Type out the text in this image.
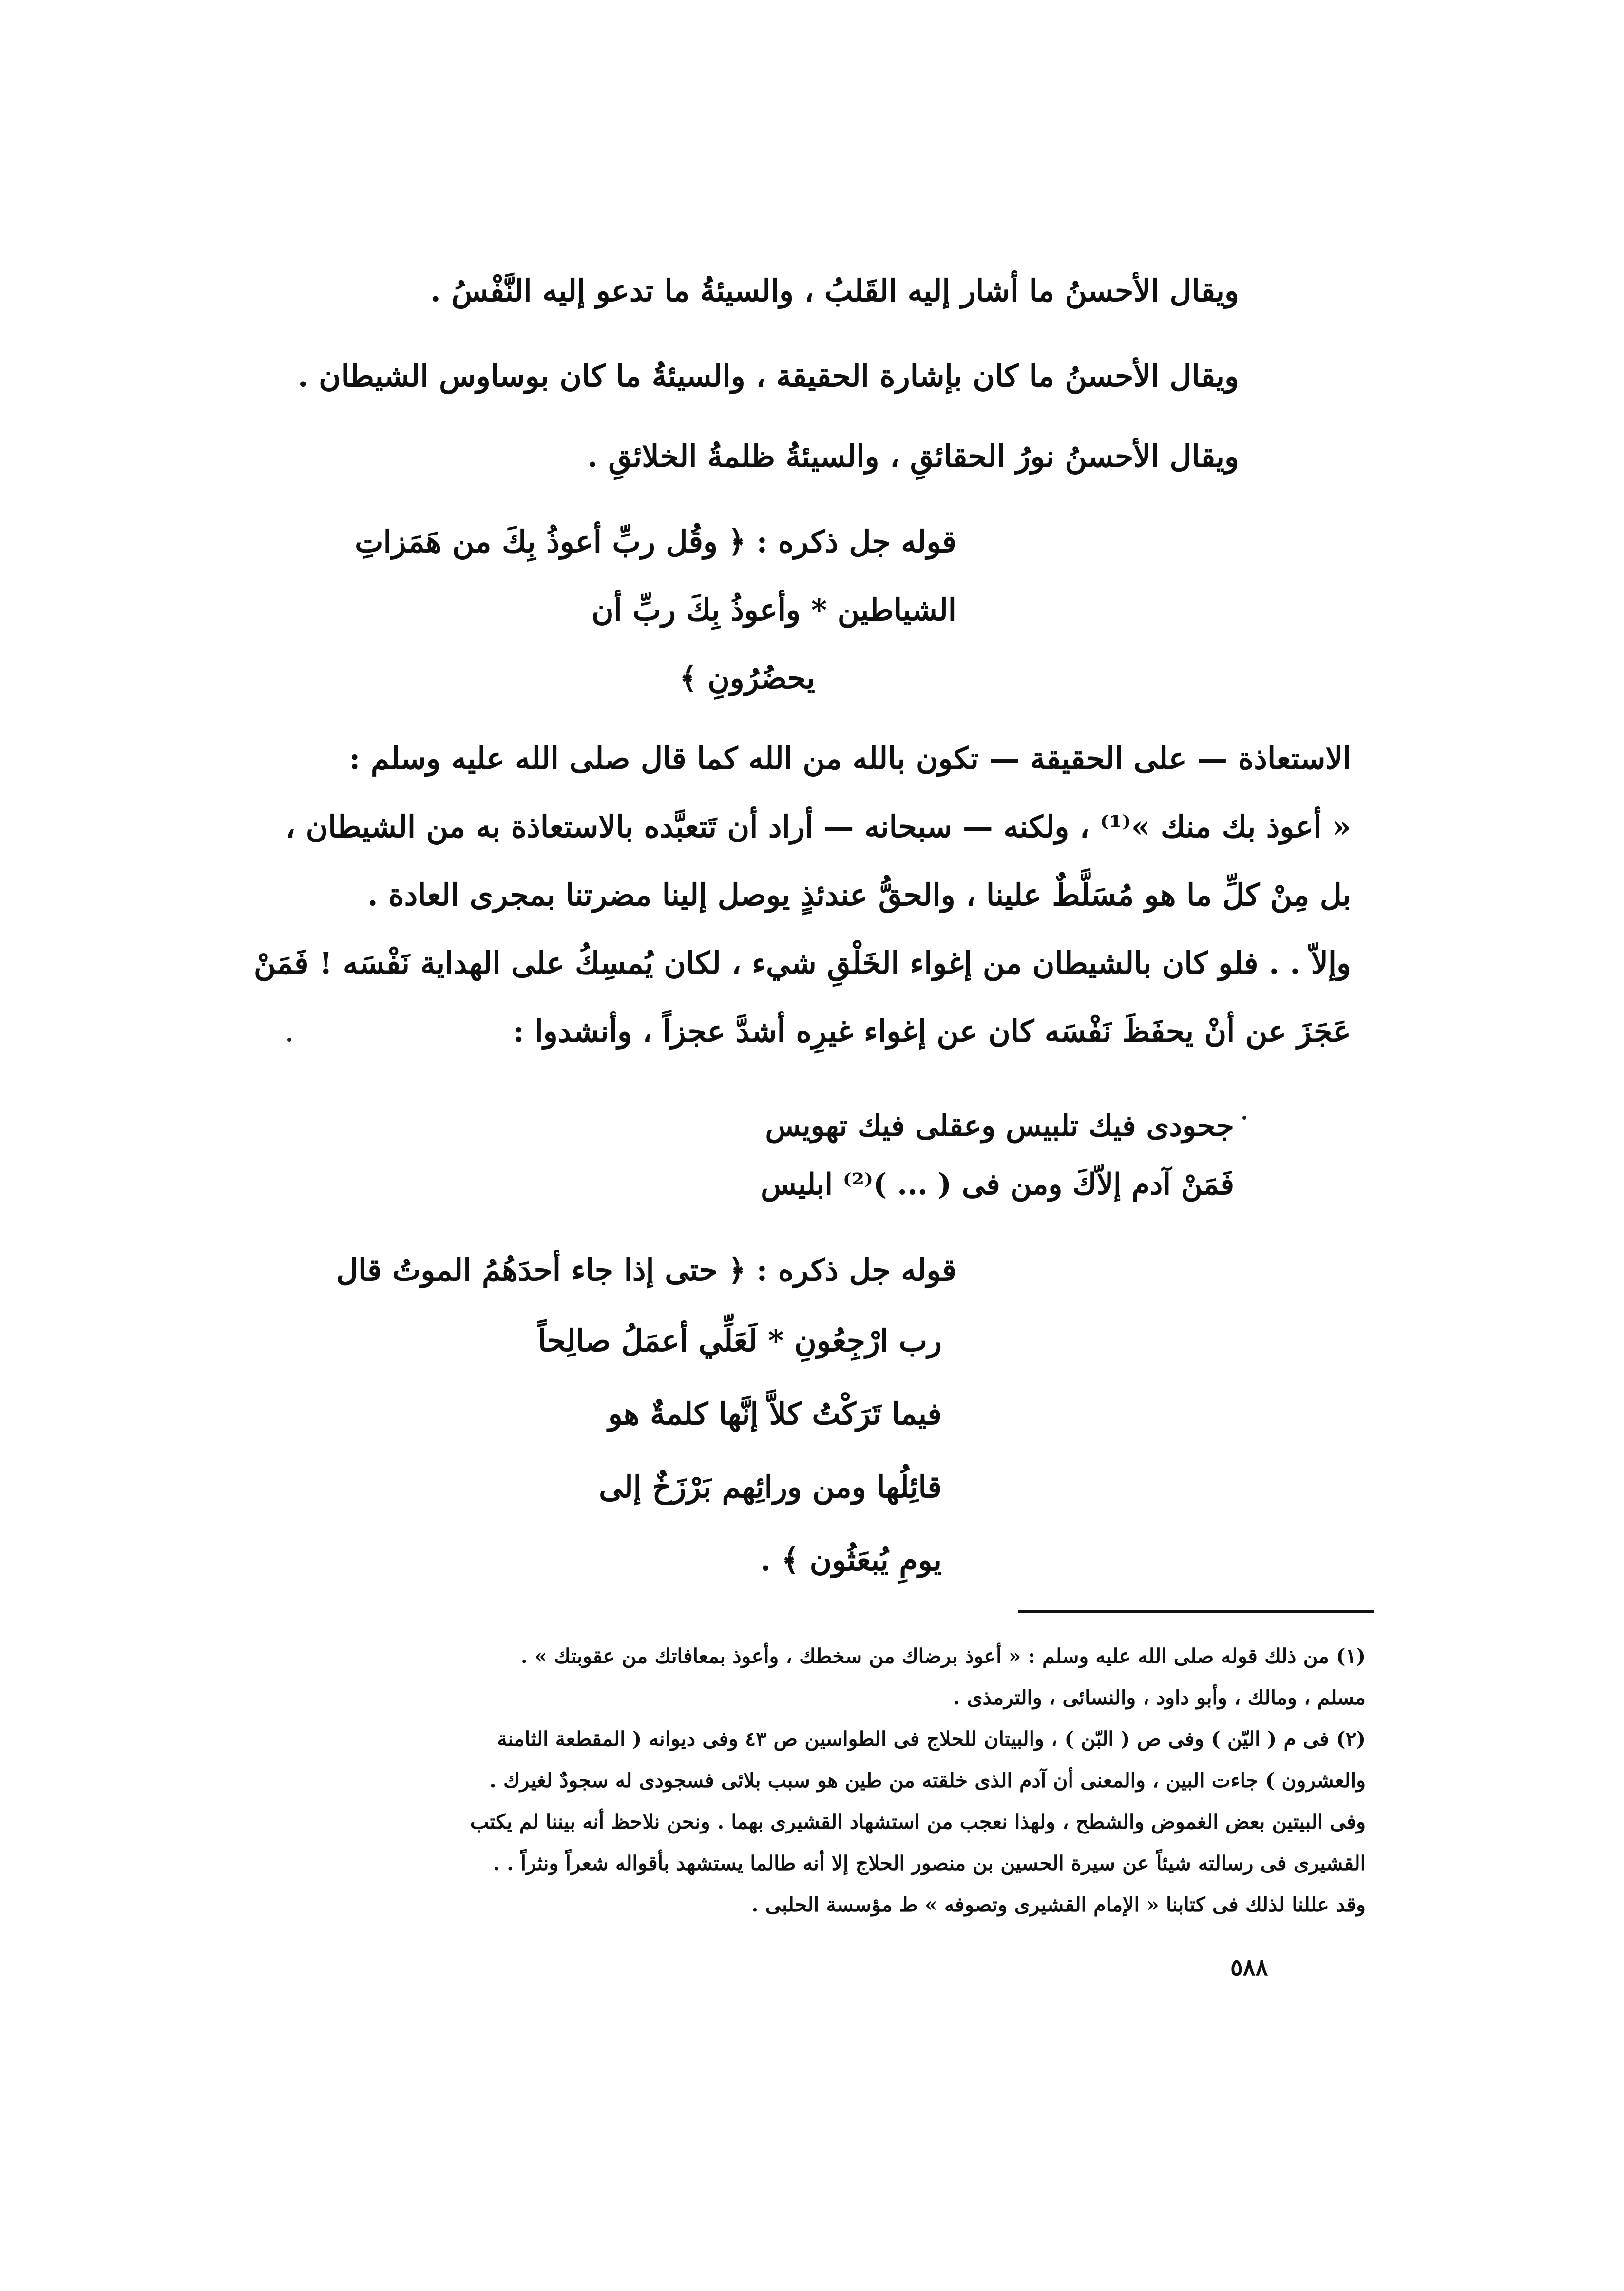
ويقال الأحسنُ ما أشار إليه القَلبُ ، والسيئةُ ما تدعو إليه النَّفْسُ .
ويقال الأحسنُ ما كان بإشارة الحقيقة ، والسيئةُ ما كان بوساوس الشيطان .
ويقال الأحسنُ نورُ الحقائقِ ، والسيئةُ ظلمةُ الخلائقِ .
قوله جل ذكره : ﴿ وقُل ربِّ أعوذُ بِكَ من هَمَزاتِ
الشياطين * وأعوذُ بِكَ ربِّ أن
يحضُرُونِ ﴾
الاستعاذة — على الحقيقة — تكون بالله من الله كما قال صلى الله عليه وسلم :
« أعوذ بك منك »⁽¹⁾ ، ولكنه — سبحانه — أراد أن تَتعبَّده بالاستعاذة به من الشيطان ،
بل مِنْ كلِّ ما هو مُسَلَّطٌ علينا ، والحقُّ عندئذٍ يوصل إلينا مضرتنا بمجرى العادة .
وإلاّ . . فلو كان بالشيطان من إغواء الخَلْقِ شيء ، لكان يُمسِكُ على الهداية نَفْسَه ! فَمَنْ
عَجَزَ عن أنْ يحفَظَ نَفْسَه كان عن إغواء غيرِه أشدَّ عجزاً ، وأنشدوا :
جحودى فيك تلبيس وعقلى فيك تهويس
فَمَنْ آدم إلاّكَ ومن فى ( ... )⁽²⁾ ابليس
قوله جل ذكره : ﴿ حتى إذا جاء أحدَهُمُ الموتُ قال
رب ارْجِعُونِ * لَعَلِّي أعمَلُ صالِحاً
فيما تَرَكْتُ كلاَّ إنَّها كلمةٌ هو
قائِلُها ومن ورائِهم بَرْزَخٌ إلى
يومِ يُبعَثُون ﴾ .
(١) من ذلك قوله صلى الله عليه وسلم : « أعوذ برضاك من سخطك ، وأعوذ بمعافاتك من عقوبتك » .
مسلم ، ومالك ، وأبو داود ، والنسائى ، والترمذى .
(٢) فى م ( اليّن ) وفى ص ( البّن ) ، والبيتان للحلاج فى الطواسين ص ٤٣ وفى ديوانه ( المقطعة الثامنة
والعشرون ) جاءت البين ، والمعنى أن آدم الذى خلقته من طين هو سبب بلائى فسجودى له سجودٌ لغيرك .
وفى البيتين بعض الغموض والشطح ، ولهذا نعجب من استشهاد القشيرى بهما . ونحن نلاحظ أنه بيننا لم يكتب
القشيرى فى رسالته شيئاً عن سيرة الحسين بن منصور الحلاج إلا أنه طالما يستشهد بأقواله شعراً ونثراً . .
وقد عللنا لذلك فى كتابنا « الإمام القشيرى وتصوفه » ط مؤسسة الحلبى .
٥٨٨
